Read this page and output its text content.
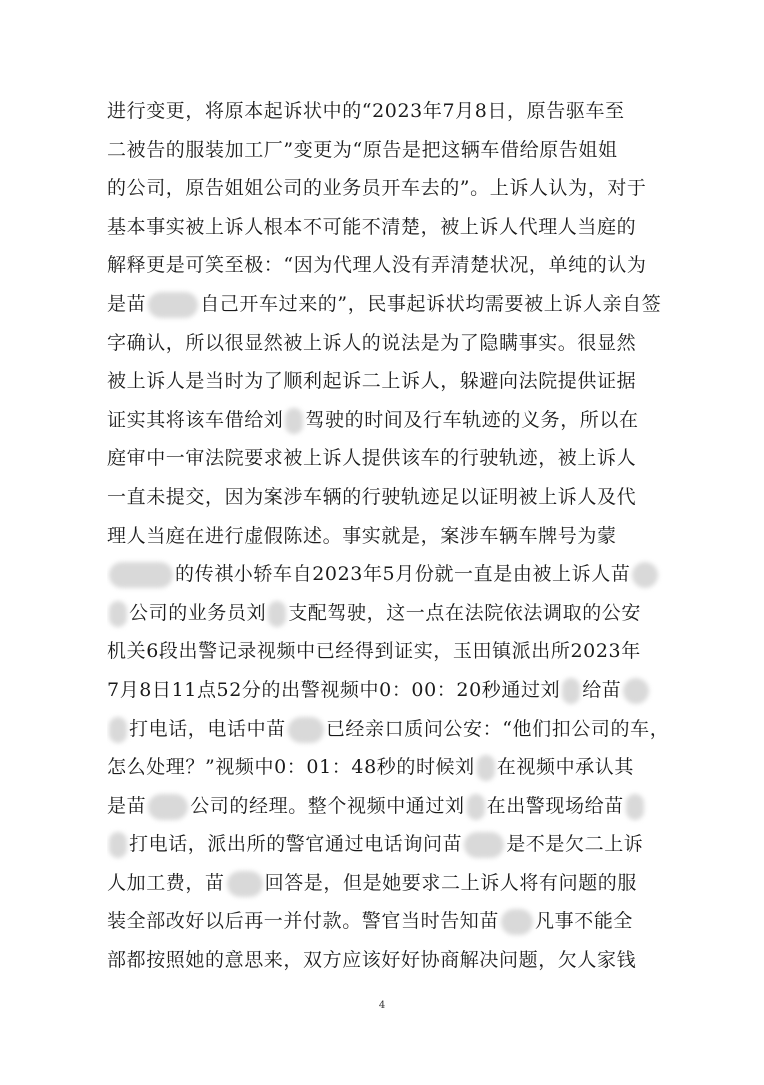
进行变更，将原本起诉状中的“2023年7月8日，原告驱车至
二被告的服装加工厂”变更为“原告是把这辆车借给原告姐姐
的公司，原告姐姐公司的业务员开车去的”。上诉人认为，对于
基本事实被上诉人根本不可能不清楚，被上诉人代理人当庭的
解释更是可笑至极：“因为代理人没有弄清楚状况，单纯的认为
是苗	自己开车过来的”，民事起诉状均需要被上诉人亲自签
字确认，所以很显然被上诉人的说法是为了隐瞒事实。很显然
被上诉人是当时为了顺利起诉二上诉人，躲避向法院提供证据
证实其将该车借给刘 驾驶的时间及行车轨迹的义务，所以在
庭审中一审法院要求被上诉人提供该车的行驶轨迹，被上诉人
一直未提交，因为案涉车辆的行驶轨迹足以证明被上诉人及代
理人当庭在进行虚假陈述。事实就是，案涉车辆车牌号为蒙
的传祺小轿车自2023年5月份就一直是由被上诉人苗
公司的业务员刘 支配驾驶，这一点在法院依法调取的公安
机关6段出警记录视频中已经得到证实，玉田镇派出所2023年
7月8日11点52分的出警视频中0：00：20秒通过刘 给苗
打电话，电话中苗 已经亲口质问公安：“他们扣公司的车，
怎么处理？”视频中0：01：48秒的时候刘 在视频中承认其
是苗 公司的经理。整个视频中通过刘 在出警现场给苗
打电话，派出所的警官通过电话询问苗 是不是欠二上诉
人加工费，苗 回答是，但是她要求二上诉人将有问题的服
装全部改好以后再一并付款。警官当时告知苗 凡事不能全
部都按照她的意思来，双方应该好好协商解决问题，欠人家钱
4
